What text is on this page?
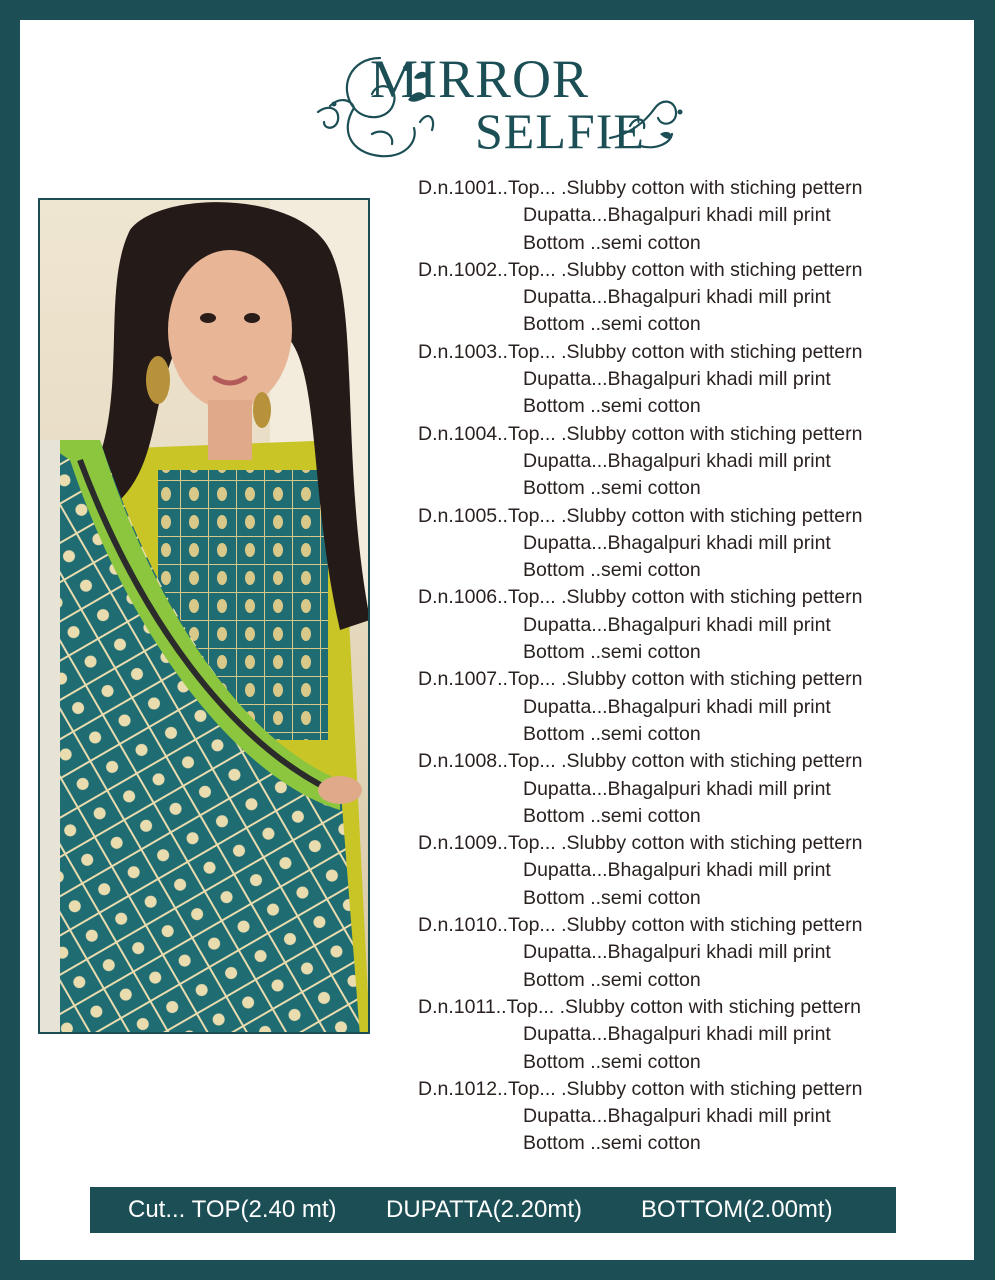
MIRROR
SELFIE
D.n.1001..Top... .Slubby cotton with stiching pettern
Dupatta...Bhagalpuri khadi mill print
Bottom ..semi cotton
D.n.1002..Top... .Slubby cotton with stiching pettern
Dupatta...Bhagalpuri khadi mill print
Bottom ..semi cotton
D.n.1003..Top... .Slubby cotton with stiching pettern
Dupatta...Bhagalpuri khadi mill print
Bottom ..semi cotton
D.n.1004..Top... .Slubby cotton with stiching pettern
Dupatta...Bhagalpuri khadi mill print
Bottom ..semi cotton
D.n.1005..Top... .Slubby cotton with stiching pettern
Dupatta...Bhagalpuri khadi mill print
Bottom ..semi cotton
D.n.1006..Top... .Slubby cotton with stiching pettern
Dupatta...Bhagalpuri khadi mill print
Bottom ..semi cotton
D.n.1007..Top... .Slubby cotton with stiching pettern
Dupatta...Bhagalpuri khadi mill print
Bottom ..semi cotton
D.n.1008..Top... .Slubby cotton with stiching pettern
Dupatta...Bhagalpuri khadi mill print
Bottom ..semi cotton
D.n.1009..Top... .Slubby cotton with stiching pettern
Dupatta...Bhagalpuri khadi mill print
Bottom ..semi cotton
D.n.1010..Top... .Slubby cotton with stiching pettern
Dupatta...Bhagalpuri khadi mill print
Bottom ..semi cotton
D.n.1011..Top... .Slubby cotton with stiching pettern
Dupatta...Bhagalpuri khadi mill print
Bottom ..semi cotton
D.n.1012..Top... .Slubby cotton with stiching pettern
Dupatta...Bhagalpuri khadi mill print
Bottom ..semi cotton
Cut... TOP(2.40 mt) DUPATTA(2.20mt) BOTTOM(2.00mt)
